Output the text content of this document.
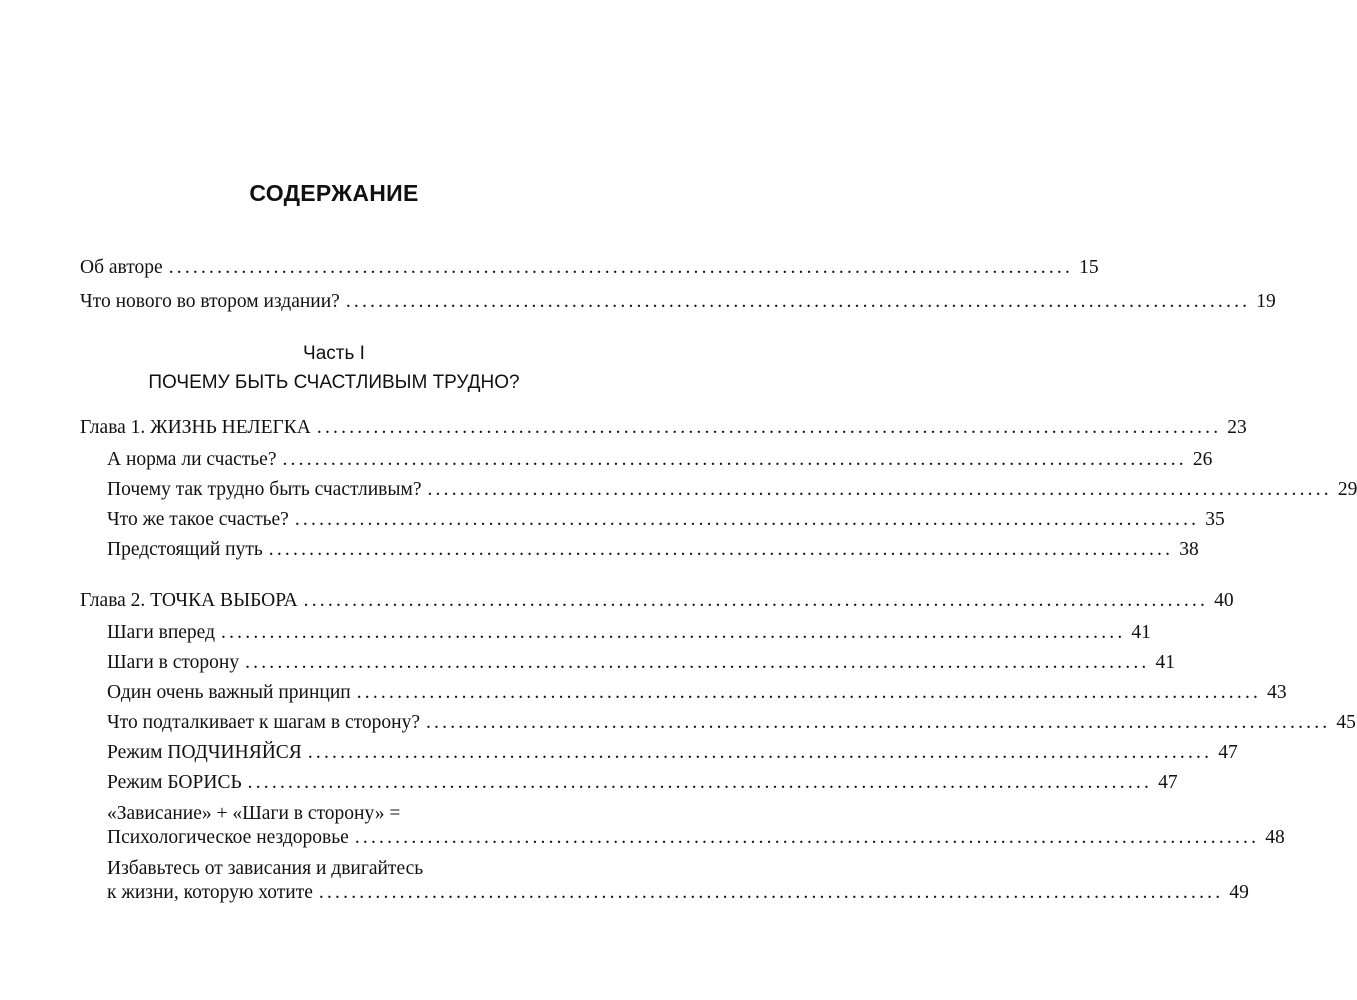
СОДЕРЖАНИЕ
Об авторе ................................................................................................................ 15
Что нового во втором издании? ................................................................................................................ 19
Часть I
ПОЧЕМУ БЫТЬ СЧАСТЛИВЫМ ТРУДНО?
Глава 1. ЖИЗНЬ НЕЛЕГКА ................................................................................................................ 23
А норма ли счастье? ................................................................................................................ 26
Почему так трудно быть счастливым? ................................................................................................................ 29
Что же такое счастье? ................................................................................................................ 35
Предстоящий путь ................................................................................................................ 38
Глава 2. ТОЧКА ВЫБОРА ................................................................................................................ 40
Шаги вперед ................................................................................................................ 41
Шаги в сторону ................................................................................................................ 41
Один очень важный принцип ................................................................................................................ 43
Что подталкивает к шагам в сторону? ................................................................................................................ 45
Режим ПОДЧИНЯЙСЯ ................................................................................................................ 47
Режим БОРИСЬ ................................................................................................................ 47
«Зависание» + «Шаги в сторону» =
Психологическое нездоровье ................................................................................................................ 48
Избавьтесь от зависания и двигайтесь
к жизни, которую хотите ................................................................................................................ 49
